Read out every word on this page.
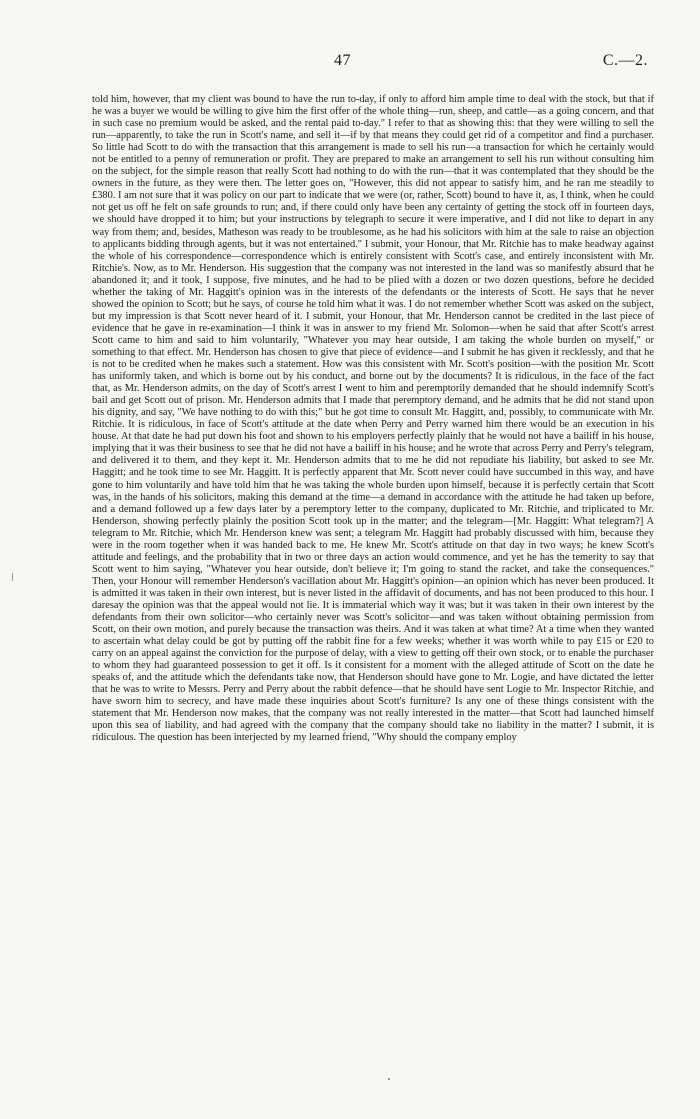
47	C.—2.

told him, however, that my client was bound to have the run to-day, if only to afford him ample time to deal with the stock, but that if he was a buyer we would be willing to give him the first offer of the whole thing—run, sheep, and cattle—as a going concern, and that in such case no premium would be asked, and the rental paid to-day." I refer to that as showing this: that they were willing to sell the run—apparently, to take the run in Scott's name, and sell it—if by that means they could get rid of a competitor and find a purchaser. So little had Scott to do with the transaction that this arrangement is made to sell his run—a transaction for which he certainly would not be entitled to a penny of remuneration or profit. They are prepared to make an arrangement to sell his run without consulting him on the subject, for the simple reason that really Scott had nothing to do with the run—that it was contemplated that they should be the owners in the future, as they were then. The letter goes on, "However, this did not appear to satisfy him, and he ran me steadily to £380. I am not sure that it was policy on our part to indicate that we were (or, rather, Scott) bound to have it, as, I think, when he could not get us off he felt on safe grounds to run; and, if there could only have been any certainty of getting the stock off in fourteen days, we should have dropped it to him; but your instructions by telegraph to secure it were imperative, and I did not like to depart in any way from them; and, besides, Matheson was ready to be troublesome, as he had his solicitors with him at the sale to raise an objection to applicants bidding through agents, but it was not entertained." I submit, your Honour, that Mr. Ritchie has to make headway against the whole of his correspondence—correspondence which is entirely consistent with Scott's case, and entirely inconsistent with Mr. Ritchie's. Now, as to Mr. Henderson. His suggestion that the company was not interested in the land was so manifestly absurd that he abandoned it; and it took, I suppose, five minutes, and he had to be plied with a dozen or two dozen questions, before he decided whether the taking of Mr. Haggitt's opinion was in the interests of the defendants or the interests of Scott. He says that he never showed the opinion to Scott; but he says, of course he told him what it was. I do not remember whether Scott was asked on the subject, but my impression is that Scott never heard of it. I submit, your Honour, that Mr. Henderson cannot be credited in the last piece of evidence that he gave in re-examination—I think it was in answer to my friend Mr. Solomon—when he said that after Scott's arrest Scott came to him and said to him voluntarily, "Whatever you may hear outside, I am taking the whole burden on myself," or something to that effect. Mr. Henderson has chosen to give that piece of evidence—and I submit he has given it recklessly, and that he is not to be credited when he makes such a statement. How was this consistent with Mr. Scott's position—with the position Mr. Scott has uniformly taken, and which is borne out by his conduct, and borne out by the documents? It is ridiculous, in the face of the fact that, as Mr. Henderson admits, on the day of Scott's arrest I went to him and peremptorily demanded that he should indemnify Scott's bail and get Scott out of prison. Mr. Henderson admits that I made that peremptory demand, and he admits that he did not stand upon his dignity, and say, "We have nothing to do with this;" but he got time to consult Mr. Haggitt, and, possibly, to communicate with Mr. Ritchie. It is ridiculous, in face of Scott's attitude at the date when Perry and Perry warned him there would be an execution in his house. At that date he had put down his foot and shown to his employers perfectly plainly that he would not have a bailiff in his house, implying that it was their business to see that he did not have a bailiff in his house; and he wrote that across Perry and Perry's telegram, and delivered it to them, and they kept it. Mr. Henderson admits that to me he did not repudiate his liability, but asked to see Mr. Haggitt; and he took time to see Mr. Haggitt. It is perfectly apparent that Mr. Scott never could have succumbed in this way, and have gone to him voluntarily and have told him that he was taking the whole burden upon himself, because it is perfectly certain that Scott was, in the hands of his solicitors, making this demand at the time—a demand in accordance with the attitude he had taken up before, and a demand followed up a few days later by a peremptory letter to the company, duplicated to Mr. Ritchie, and triplicated to Mr. Henderson, showing perfectly plainly the position Scott took up in the matter; and the telegram—[Mr. Haggitt: What telegram?] A telegram to Mr. Ritchie, which Mr. Henderson knew was sent; a telegram Mr. Haggitt had probably discussed with him, because they were in the room together when it was handed back to me. He knew Mr. Scott's attitude on that day in two ways; he knew Scott's attitude and feelings, and the probability that in two or three days an action would commence, and yet he has the temerity to say that Scott went to him saying, "Whatever you hear outside, don't believe it; I'm going to stand the racket, and take the consequences." Then, your Honour will remember Henderson's vacillation about Mr. Haggitt's opinion—an opinion which has never been produced. It is admitted it was taken in their own interest, but is never listed in the affidavit of documents, and has not been produced to this hour. I daresay the opinion was that the appeal would not lie. It is immaterial which way it was; but it was taken in their own interest by the defendants from their own solicitor—who certainly never was Scott's solicitor—and was taken without obtaining permission from Scott, on their own motion, and purely because the transaction was theirs. And it was taken at what time? At a time when they wanted to ascertain what delay could be got by putting off the rabbit fine for a few weeks; whether it was worth while to pay £15 or £20 to carry on an appeal against the conviction for the purpose of delay, with a view to getting off their own stock, or to enable the purchaser to whom they had guaranteed possession to get it off. Is it consistent for a moment with the alleged attitude of Scott on the date he speaks of, and the attitude which the defendants take now, that Henderson should have gone to Mr. Logie, and have dictated the letter that he was to write to Messrs. Perry and Perry about the rabbit defence—that he should have sent Logie to Mr. Inspector Ritchie, and have sworn him to secrecy, and have made these inquiries about Scott's furniture? Is any one of these things consistent with the statement that Mr. Henderson now makes, that the company was not really interested in the matter—that Scott had launched himself upon this sea of liability, and had agreed with the company that the company should take no liability in the matter? I submit, it is ridiculous. The question has been interjected by my learned friend, "Why should the company employ
